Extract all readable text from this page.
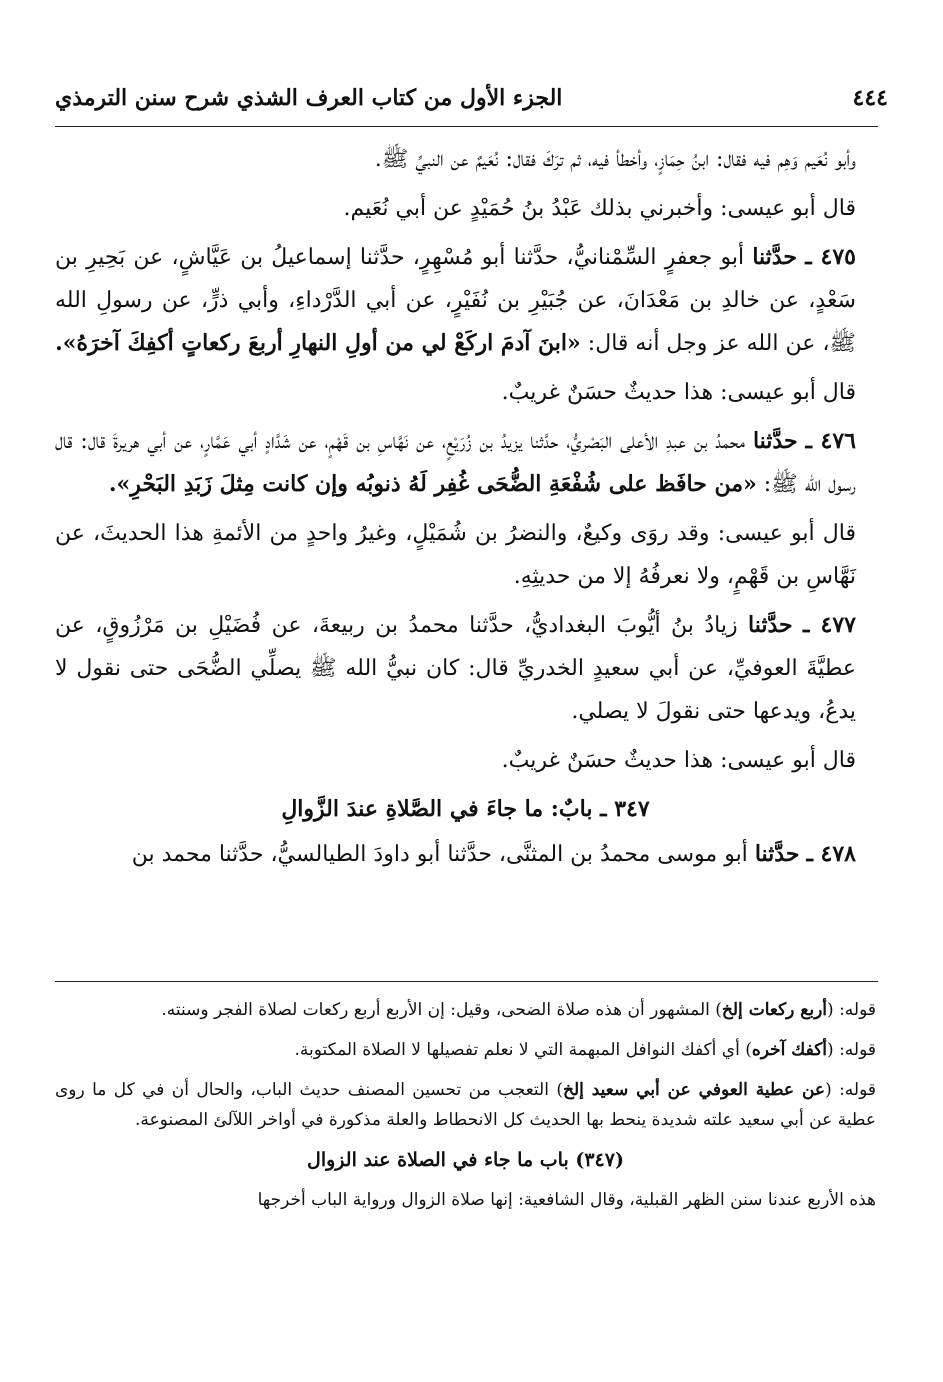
٤٤٤
الجزء الأول من كتاب العرف الشذي شرح سنن الترمذي

وأبو نُعَيم وَهِم فيه فقال: ابنُ حِمَازٍ، وأخطأ فيه، ثم ترَكَ فقال: نُعَيمٌ عن النبيِّ ﷺ.

قال أبو عيسى: وأخبرني بذلك عَبْدُ بنُ حُمَيْدٍ عن أبي نُعَيم.

٤٧٥ ـ حدَّثنا أبو جعفرٍ السِّمْنانيُّ، حدَّثنا أبو مُسْهِرٍ، حدَّثنا إسماعيلُ بن عَيَّاشٍ، عن بَحِيرِ بن سَعْدٍ، عن خالدِ بن مَعْدَانَ، عن جُبَيْرِ بن نُفَيْرٍ، عن أبي الدَّرْداءِ، وأبي ذرٍّ، عن رسولِ الله ﷺ، عن الله عز وجل أنه قال: «ابنَ آدمَ اركَعْ لي من أولِ النهارِ أربعَ ركعاتٍ أكفِكَ آخرَهُ».

قال أبو عيسى: هذا حديثٌ حسَنٌ غريبٌ.

٤٧٦ ـ حدَّثنا محمدُ بن عبدِ الأعلى البَصْريُّ، حدَّثنا يزيدُ بن زُرَيْعٍ، عن نَهَّاسِ بن قَهْمٍ، عن شَدَّادٍ أبي عَمَّارٍ، عن أبي هريرةَ قال: قال رسول الله ﷺ: «من حافَظ على شُفْعَةِ الضُّحَى غُفِر لَهُ ذنوبُه وإن كانت مِثلَ زَبَدِ البَحْرِ».

قال أبو عيسى: وقد روَى وكيعٌ، والنضرُ بن شُمَيْلٍ، وغيرُ واحدٍ من الأئمةِ هذا الحديثَ، عن نَهَّاسِ بن قَهْمٍ، ولا نعرفُهُ إلا من حديثِهِ.

٤٧٧ ـ حدَّثنا زيادُ بنُ أيُّوبَ البغداديُّ، حدَّثنا محمدُ بن ربيعةَ، عن فُضَيْلِ بن مَرْزُوقٍ، عن عطيَّةَ العوفيِّ، عن أبي سعيدٍ الخدريِّ قال: كان نبيُّ الله ﷺ يصلِّي الضُّحَى حتى نقول لا يدعُ، ويدعها حتى نقولَ لا يصلي.

قال أبو عيسى: هذا حديثٌ حسَنٌ غريبٌ.

٣٤٧ ـ بابٌ: ما جاءَ في الصَّلاةِ عندَ الزَّوالِ

٤٧٨ ـ حدَّثنا أبو موسى محمدُ بن المثنَّى، حدَّثنا أبو داودَ الطيالسيُّ، حدَّثنا محمد بن

قوله: (أربع ركعات إلخ) المشهور أن هذه صلاة الضحى، وقيل: إن الأربع أربع ركعات لصلاة الفجر وسنته.

قوله: (أكفك آخره) أي أكفك النوافل المبهمة التي لا نعلم تفصيلها لا الصلاة المكتوبة.

قوله: (عن عطية العوفي عن أبي سعيد إلخ) التعجب من تحسين المصنف حديث الباب، والحال أن في كل ما روى عطية عن أبي سعيد علته شديدة ينحط بها الحديث كل الانحطاط والعلة مذكورة في أواخر اللآلئ المصنوعة.

(٣٤٧) باب ما جاء في الصلاة عند الزوال

هذه الأربع عندنا سنن الظهر القبلية، وقال الشافعية: إنها صلاة الزوال ورواية الباب أخرجها
